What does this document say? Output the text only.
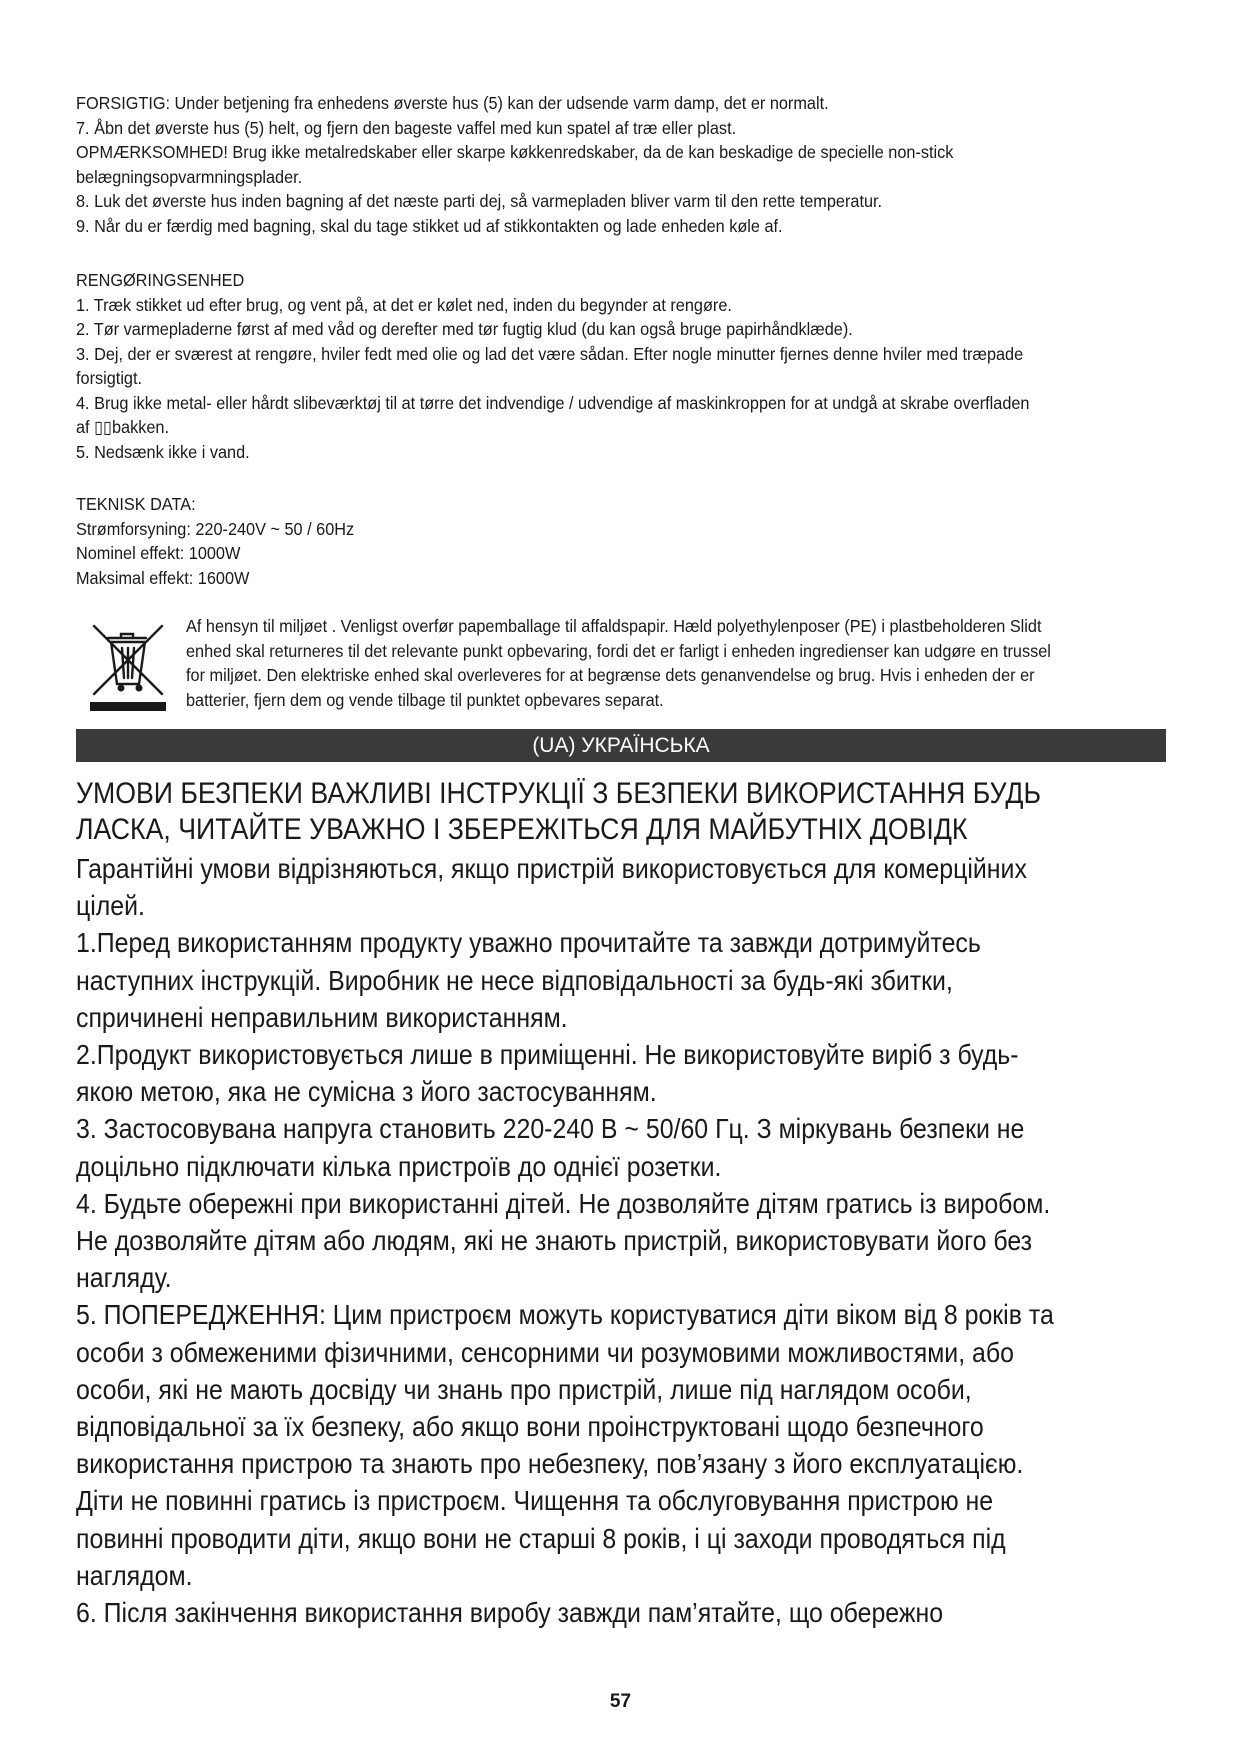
FORSIGTIG: Under betjening fra enhedens øverste hus (5) kan der udsende varm damp, det er normalt.

7. Åbn det øverste hus (5) helt, og fjern den bageste vaffel med kun spatel af træ eller plast.

OPMÆRKSOMHED! Brug ikke metalredskaber eller skarpe køkkenredskaber, da de kan beskadige de specielle non-stick

belægningsopvarmningsplader.

8. Luk det øverste hus inden bagning af det næste parti dej, så varmepladen bliver varm til den rette temperatur.

9. Når du er færdig med bagning, skal du tage stikket ud af stikkontakten og lade enheden køle af.

RENGØRINGSENHED

1. Træk stikket ud efter brug, og vent på, at det er kølet ned, inden du begynder at rengøre.

2. Tør varmepladerne først af med våd og derefter med tør fugtig klud (du kan også bruge papirhåndklæde).

3. Dej, der er sværest at rengøre, hviler fedt med olie og lad det være sådan. Efter nogle minutter fjernes denne hviler med træpade

forsigtigt.

4. Brug ikke metal- eller hårdt slibeværktøj til at tørre det indvendige / udvendige af maskinkroppen for at undgå at skrabe overfladen

af ▯▯bakken.

5. Nedsænk ikke i vand.

TEKNISK DATA:

Strømforsyning: 220-240V ~ 50 / 60Hz

Nominel effekt: 1000W

Maksimal effekt: 1600W

Af hensyn til miljøet . Venligst overfør papemballage til affaldspapir. Hæld polyethylenposer (PE) i plastbeholderen Slidt

enhed skal returneres til det relevante punkt opbevaring, fordi det er farligt i enheden ingredienser kan udgøre en trussel

for miljøet. Den elektriske enhed skal overleveres for at begrænse dets genanvendelse og brug. Hvis i enheden der er

batterier, fjern dem og vende tilbage til punktet opbevares separat.

(UA) УКРАЇНСЬКА

УМОВИ БЕЗПЕКИ ВАЖЛИВІ ІНСТРУКЦІЇ З БЕЗПЕКИ ВИКОРИСТАННЯ БУДЬ

ЛАСКА, ЧИТАЙТЕ УВАЖНО І ЗБЕРЕЖІТЬСЯ ДЛЯ МАЙБУТНІХ ДОВІДК

Гарантійні умови відрізняються, якщо пристрій використовується для комерційних

цілей.

1.Перед використанням продукту уважно прочитайте та завжди дотримуйтесь

наступних інструкцій. Виробник не несе відповідальності за будь-які збитки,

спричинені неправильним використанням.

2.Продукт використовується лише в приміщенні. Не використовуйте виріб з будь-

якою метою, яка не сумісна з його застосуванням.

3. Застосовувана напруга становить 220-240 В ~ 50/60 Гц. З міркувань безпеки не

доцільно підключати кілька пристроїв до однієї розетки.

4. Будьте обережні при використанні дітей. Не дозволяйте дітям гратись із виробом.

Не дозволяйте дітям або людям, які не знають пристрій, використовувати його без

нагляду.

5. ПОПЕРЕДЖЕННЯ: Цим пристроєм можуть користуватися діти віком від 8 років та

особи з обмеженими фізичними, сенсорними чи розумовими можливостями, або

особи, які не мають досвіду чи знань про пристрій, лише під наглядом особи,

відповідальної за їх безпеку, або якщо вони проінструктовані щодо безпечного

використання пристрою та знають про небезпеку, пов’язану з його експлуатацією.

Діти не повинні гратись із пристроєм. Чищення та обслуговування пристрою не

повинні проводити діти, якщо вони не старші 8 років, і ці заходи проводяться під

наглядом.

6. Після закінчення використання виробу завжди пам’ятайте, що обережно

57
